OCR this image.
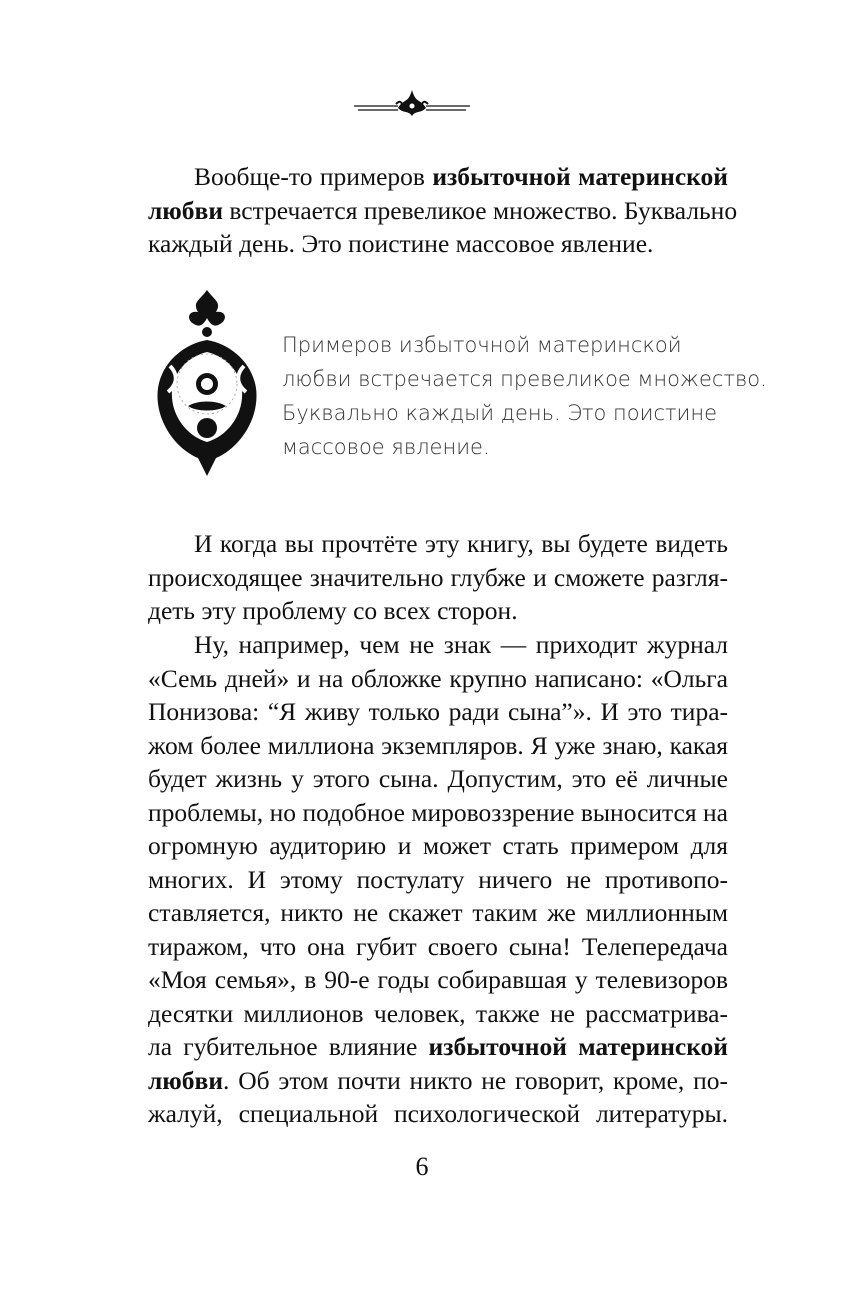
Вообще-то примеров избыточной материнской
любви встречается превеликое множество. Буквально
каждый день. Это поистине массовое явление.
Примеров избыточной материнской
любви встречается превеликое множество.
Буквально каждый день. Это поистине
массовое явление.
И когда вы прочтёте эту книгу, вы будете видеть
происходящее значительно глубже и сможете разгля-
деть эту проблему со всех сторон.
Ну, например, чем не знак — приходит журнал
«Семь дней» и на обложке крупно написано: «Ольга
Понизова: “Я живу только ради сына”». И это тира-
жом более миллиона экземпляров. Я уже знаю, какая
будет жизнь у этого сына. Допустим, это её личные
проблемы, но подобное мировоззрение выносится на
огромную аудиторию и может стать примером для
многих. И этому постулату ничего не противопо-
ставляется, никто не скажет таким же миллионным
тиражом, что она губит своего сына! Телепередача
«Моя семья», в 90-е годы собиравшая у телевизоров
десятки миллионов человек, также не рассматрива-
ла губительное влияние избыточной материнской
любви. Об этом почти никто не говорит, кроме, по-
жалуй, специальной психологической литературы.
6
